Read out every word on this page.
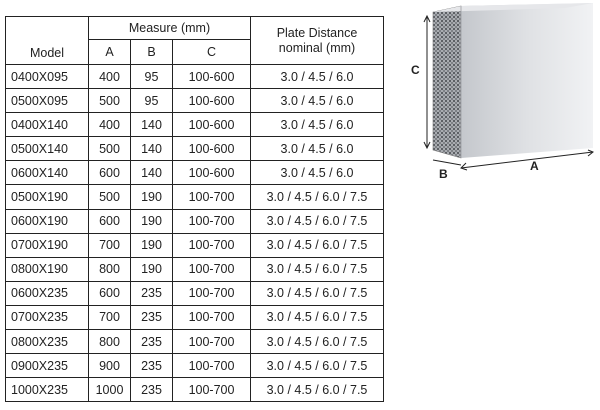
Model	Measure (mm)			Plate Distance
nominal (mm)
	A	B	C	
0400X095	400	95	100-600	3.0 / 4.5 / 6.0
0500X095	500	95	100-600	3.0 / 4.5 / 6.0
0400X140	400	140	100-600	3.0 / 4.5 / 6.0
0500X140	500	140	100-600	3.0 / 4.5 / 6.0
0600X140	600	140	100-600	3.0 / 4.5 / 6.0
0500X190	500	190	100-700	3.0 / 4.5 / 6.0 / 7.5
0600X190	600	190	100-700	3.0 / 4.5 / 6.0 / 7.5
0700X190	700	190	100-700	3.0 / 4.5 / 6.0 / 7.5
0800X190	800	190	100-700	3.0 / 4.5 / 6.0 / 7.5
0600X235	600	235	100-700	3.0 / 4.5 / 6.0 / 7.5
0700X235	700	235	100-700	3.0 / 4.5 / 6.0 / 7.5
0800X235	800	235	100-700	3.0 / 4.5 / 6.0 / 7.5
0900X235	900	235	100-700	3.0 / 4.5 / 6.0 / 7.5
1000X235	1000	235	100-700	3.0 / 4.5 / 6.0 / 7.5
C
B
A
